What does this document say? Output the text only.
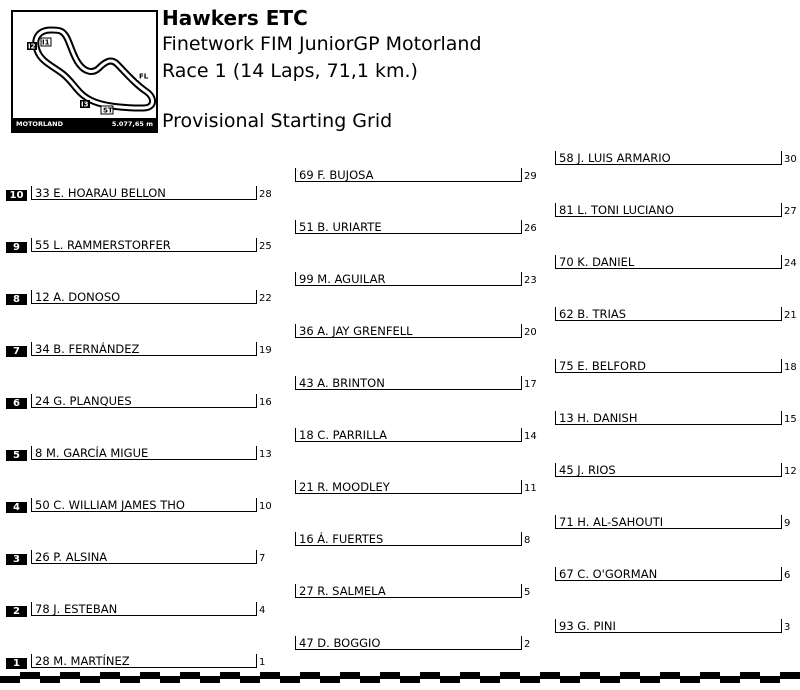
I2 I1
FL
I3
ST
MOTORLAND	5.077,65 m
Hawkers ETC
Finetwork FIM JuniorGP Motorland
Race 1 (14 Laps, 71,1 km.)
Provisional Starting Grid
10	33 E. HOARAU BELLON	28
9	55 L. RAMMERSTORFER	25
8	12 A. DONOSO	22
7	34 B. FERNÁNDEZ	19
6	24 G. PLANQUES	16
5	8 M. GARCÍA MIGUE	13
4	50 C. WILLIAM JAMES THO	10
3	26 P. ALSINA	7
2	78 J. ESTEBAN	4
1	28 M. MARTÍNEZ	1
69 F. BUJOSA	29
51 B. URIARTE	26
99 M. AGUILAR	23
36 A. JAY GRENFELL	20
43 A. BRINTON	17
18 C. PARRILLA	14
21 R. MOODLEY	11
16 Á. FUERTES	8
27 R. SALMELA	5
47 D. BOGGIO	2
58 J. LUIS ARMARIO	30
81 L. TONI LUCIANO	27
70 K. DANIEL	24
62 B. TRIAS	21
75 E. BELFORD	18
13 H. DANISH	15
45 J. RIOS	12
71 H. AL-SAHOUTI	9
67 C. O'GORMAN	6
93 G. PINI	3
